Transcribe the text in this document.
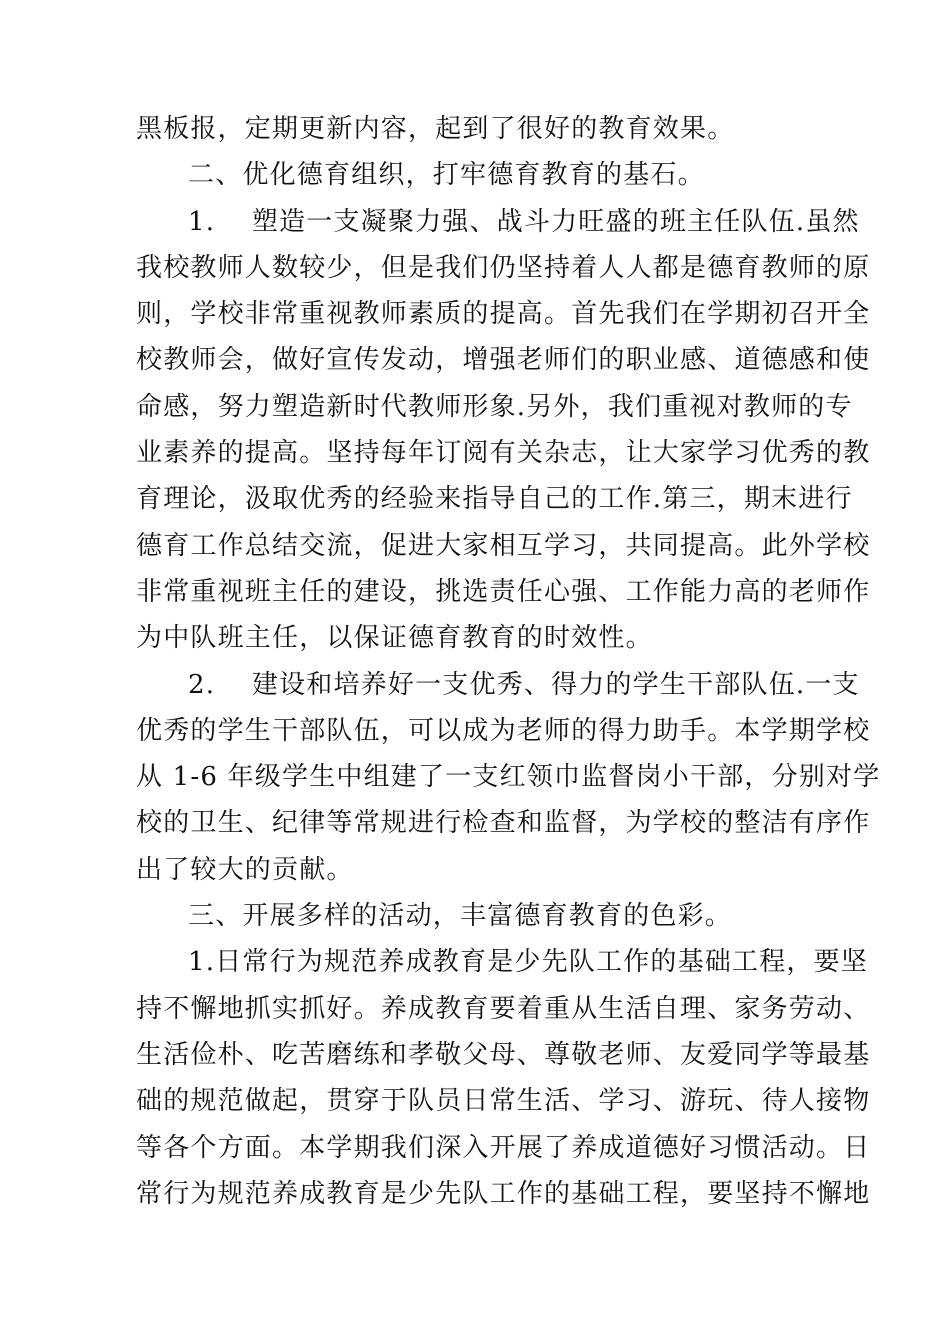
黑板报，定期更新内容，起到了很好的教育效果。
二、优化德育组织，打牢德育教育的基石。
1.　 塑造一支凝聚力强、战斗力旺盛的班主任队伍.虽然
我校教师人数较少，但是我们仍坚持着人人都是德育教师的原
则，学校非常重视教师素质的提高。首先我们在学期初召开全
校教师会，做好宣传发动，增强老师们的职业感、道德感和使
命感，努力塑造新时代教师形象.另外，我们重视对教师的专
业素养的提高。坚持每年订阅有关杂志，让大家学习优秀的教
育理论，汲取优秀的经验来指导自己的工作.第三，期末进行
德育工作总结交流，促进大家相互学习，共同提高。此外学校
非常重视班主任的建设，挑选责任心强、工作能力高的老师作
为中队班主任，以保证德育教育的时效性。
2.　 建设和培养好一支优秀、得力的学生干部队伍.一支
优秀的学生干部队伍，可以成为老师的得力助手。本学期学校
从 1-6 年级学生中组建了一支红领巾监督岗小干部，分别对学
校的卫生、纪律等常规进行检查和监督，为学校的整洁有序作
出了较大的贡献。
三、开展多样的活动，丰富德育教育的色彩。
1.日常行为规范养成教育是少先队工作的基础工程，要坚
持不懈地抓实抓好。养成教育要着重从生活自理、家务劳动、
生活俭朴、吃苦磨练和孝敬父母、尊敬老师、友爱同学等最基
础的规范做起，贯穿于队员日常生活、学习、游玩、待人接物
等各个方面。本学期我们深入开展了养成道德好习惯活动。日
常行为规范养成教育是少先队工作的基础工程，要坚持不懈地
